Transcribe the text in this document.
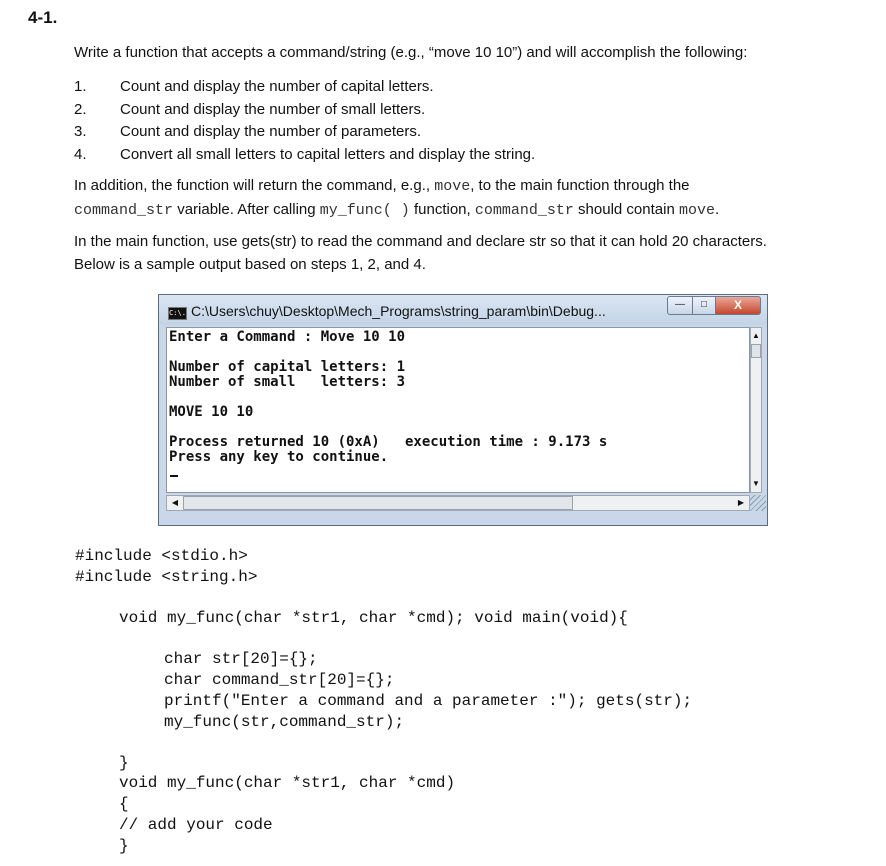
4-1.
Write a function that accepts a command/string (e.g., “move 10 10”) and will accomplish the following:
1.	Count and display the number of capital letters.
2.	Count and display the number of small letters.
3.	Count and display the number of parameters.
4.	Convert all small letters to capital letters and display the string.
In addition, the function will return the command, e.g., move, to the main function through the
command_str variable. After calling my_func( ) function, command_str should contain move.
In the main function, use gets(str) to read the command and declare str so that it can hold 20 characters.
Below is a sample output based on steps 1, 2, and 4.
C:\. C:\Users\chuy\Desktop\Mech_Programs\string_param\bin\Debug...	—	□	X
Enter a Command : Move 10 10
Number of capital letters: 1
Number of small   letters: 3
MOVE 10 10
Process returned 10 (0xA)   execution time : 9.173 s
Press any key to continue.
▲
▼
◀	▶
#include <stdio.h>
#include <string.h>
void my_func(char *str1, char *cmd); void main(void){
char str[20]={};
char command_str[20]={};
printf("Enter a command and a parameter :"); gets(str);
my_func(str,command_str);
}
void my_func(char *str1, char *cmd)
{
// add your code
}
